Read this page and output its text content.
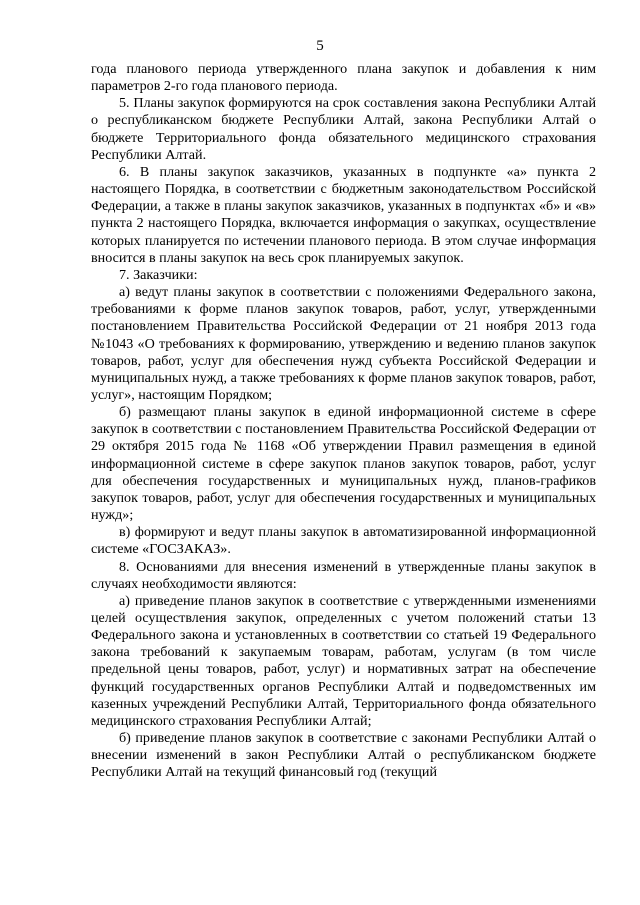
5

года планового периода утвержденного плана закупок и добавления к ним параметров 2-го года планового периода.

5. Планы закупок формируются на срок составления закона Республики Алтай о республиканском бюджете Республики Алтай, закона Республики Алтай о бюджете Территориального фонда обязательного медицинского страхования Республики Алтай.

6. В планы закупок заказчиков, указанных в подпункте «а» пункта 2 настоящего Порядка, в соответствии с бюджетным законодательством Российской Федерации, а также в планы закупок заказчиков, указанных в подпунктах «б» и «в» пункта 2 настоящего Порядка, включается информация о закупках, осуществление которых планируется по истечении планового периода. В этом случае информация вносится в планы закупок на весь срок планируемых закупок.

7. Заказчики:

а) ведут планы закупок в соответствии с положениями Федерального закона, требованиями к форме планов закупок товаров, работ, услуг, утвержденными постановлением Правительства Российской Федерации от 21 ноября 2013 года №1043 «О требованиях к формированию, утверждению и ведению планов закупок товаров, работ, услуг для обеспечения нужд субъекта Российской Федерации и муниципальных нужд, а также требованиях к форме планов закупок товаров, работ, услуг», настоящим Порядком;

б) размещают планы закупок в единой информационной системе в сфере закупок в соответствии с постановлением Правительства Российской Федерации от 29 октября 2015 года № 1168 «Об утверждении Правил размещения в единой информационной системе в сфере закупок планов закупок товаров, работ, услуг для обеспечения государственных и муниципальных нужд, планов-графиков закупок товаров, работ, услуг для обеспечения государственных и муниципальных нужд»;

в) формируют и ведут планы закупок в автоматизированной информационной системе «ГОСЗАКАЗ».

8. Основаниями для внесения изменений в утвержденные планы закупок в случаях необходимости являются:

а) приведение планов закупок в соответствие с утвержденными изменениями целей осуществления закупок, определенных с учетом положений статьи 13 Федерального закона и установленных в соответствии со статьей 19 Федерального закона требований к закупаемым товарам, работам, услугам (в том числе предельной цены товаров, работ, услуг) и нормативных затрат на обеспечение функций государственных органов Республики Алтай и подведомственных им казенных учреждений Республики Алтай, Территориального фонда обязательного медицинского страхования Республики Алтай;

б) приведение планов закупок в соответствие с законами Республики Алтай о внесении изменений в закон Республики Алтай о республиканском бюджете Республики Алтай на текущий финансовый год (текущий
